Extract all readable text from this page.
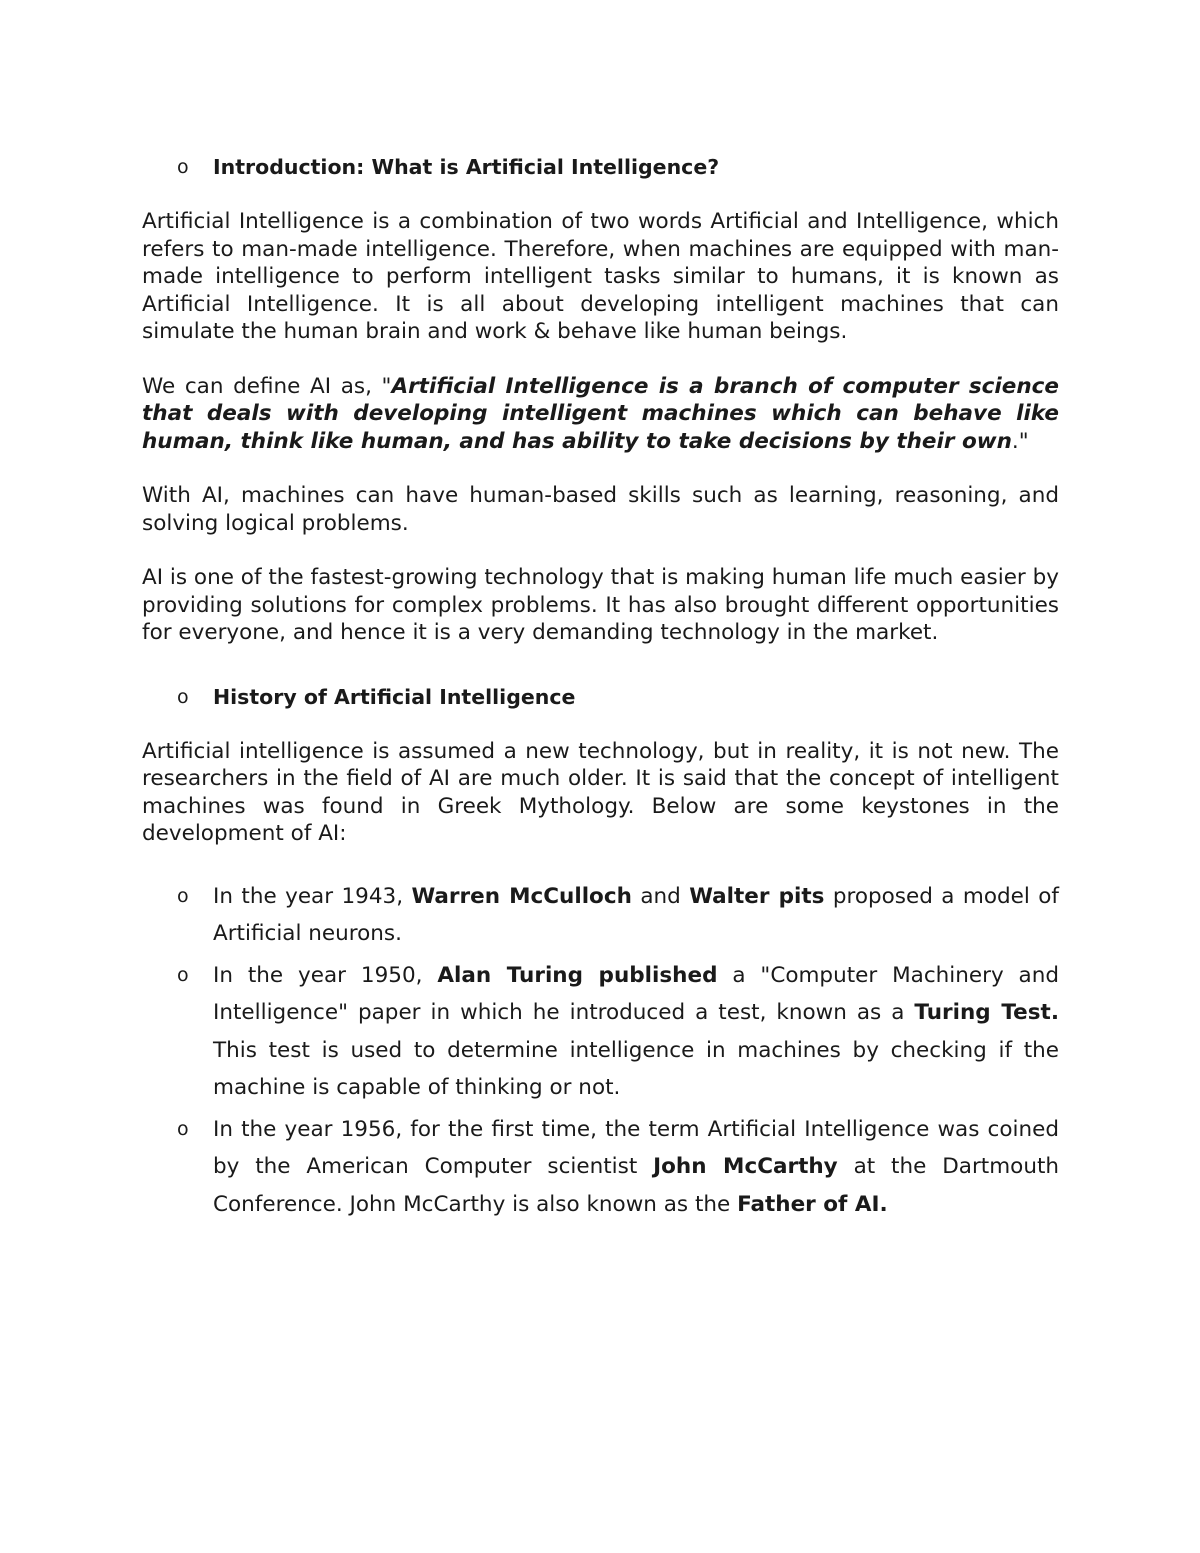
o Introduction: What is Artificial Intelligence?

Artificial Intelligence is a combination of two words Artificial and Intelligence, which refers to man-made intelligence. Therefore, when machines are equipped with man-made intelligence to perform intelligent tasks similar to humans, it is known as Artificial Intelligence. It is all about developing intelligent machines that can simulate the human brain and work & behave like human beings.

We can define AI as, "Artificial Intelligence is a branch of computer science that deals with developing intelligent machines which can behave like human, think like human, and has ability to take decisions by their own."

With AI, machines can have human-based skills such as learning, reasoning, and solving logical problems.

AI is one of the fastest-growing technology that is making human life much easier by providing solutions for complex problems. It has also brought different opportunities for everyone, and hence it is a very demanding technology in the market.

o History of Artificial Intelligence

Artificial intelligence is assumed a new technology, but in reality, it is not new. The researchers in the field of AI are much older. It is said that the concept of intelligent machines was found in Greek Mythology. Below are some keystones in the development of AI:

o In the year 1943, Warren McCulloch and Walter pits proposed a model of Artificial neurons.
o In the year 1950, Alan Turing published a "Computer Machinery and Intelligence" paper in which he introduced a test, known as a Turing Test. This test is used to determine intelligence in machines by checking if the machine is capable of thinking or not.
o In the year 1956, for the first time, the term Artificial Intelligence was coined by the American Computer scientist John McCarthy at the Dartmouth Conference. John McCarthy is also known as the Father of AI.
